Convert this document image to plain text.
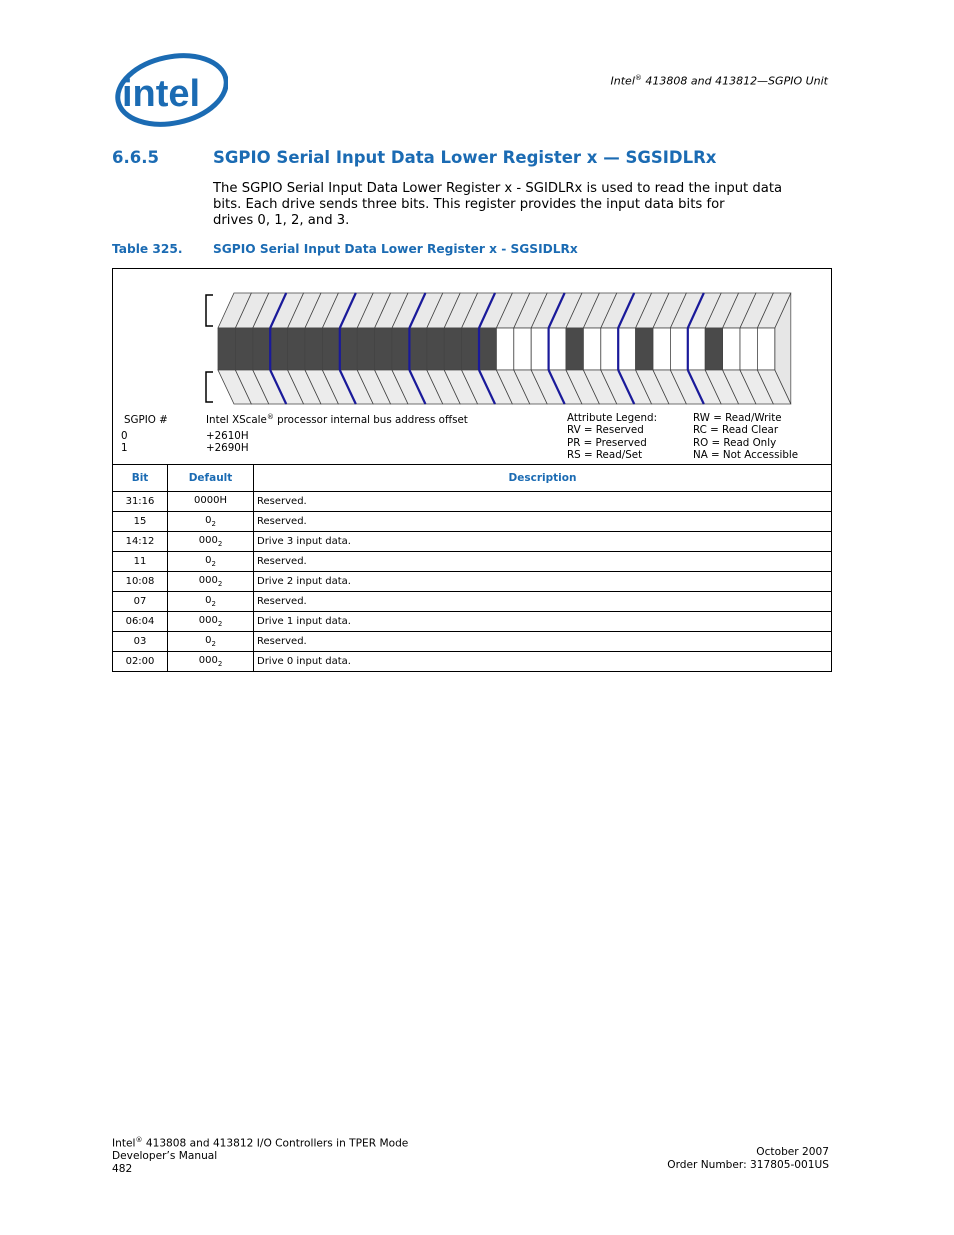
intel	Intel® 413808 and 413812—SGPIO Unit
6.6.5	SGPIO Serial Input Data Lower Register x — SGSIDLRx

The SGPIO Serial Input Data Lower Register x - SGIDLRx is used to read the input data

bits. Each drive sends three bits. This register provides the input data bits for

drives 0, 1, 2, and 3.

Table 325.	SGPIO Serial Input Data Lower Register x - SGSIDLRx
SGPIO #	Intel XScale® processor internal bus address offset
0	+2610H
1	+2690H
Attribute Legend:
RV = Reserved
PR = Preserved
RS = Read/Set
RW = Read/Write
RC = Read Clear
RO = Read Only
NA = Not Accessible
Bit	Default	Description
31:16	0000H	Reserved.
15	$0_2$	Reserved.
14:12	$000_2$	Drive 3 input data.
11	$0_2$	Reserved.
10:08	$000_2$	Drive 2 input data.
07	$0_2$	Reserved.
06:04	$000_2$	Drive 1 input data.
03	$0_2$	Reserved.
02:00	$000_2$	Drive 0 input data.
Intel® 413808 and 413812 I/O Controllers in TPER Mode
Developer’s Manual
482
October 2007
Order Number: 317805-001US
